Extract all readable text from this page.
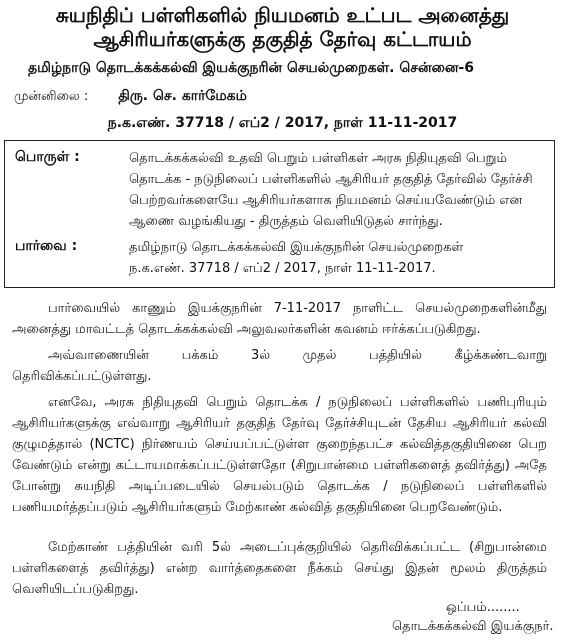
சுயநிதிப் பள்ளிகளில் நியமனம் உட்பட அனைத்து
ஆசிரியர்களுக்கு தகுதித் தேர்வு கட்டாயம்
தமிழ்நாடு தொடக்கக்கல்வி இயக்குநரின் செயல்முறைகள். சென்னை-6
முன்னிலை : திரு. செ. கார்மேகம்
ந.க.எண். 37718 / எப்2 / 2017, நாள் 11-11-2017
பொருள் :	தொடக்கக்கல்வி உதவி பெறும் பள்ளிகள் அரசு நிதியுதவி பெறும்
தொடக்க - நடுநிலைப் பள்ளிகளில் ஆசிரியர் தகுதித் தேர்வில் தேர்ச்சி
பெற்றவர்களையே ஆசிரியர்களாக நியமனம் செய்யவேண்டும் என
ஆணை வழங்கியது - திருத்தம் வெளியிடுதல் சார்ந்து.
பார்வை :	தமிழ்நாடு தொடக்கக்கல்வி இயக்குநரின் செயல்முறைகள்
ந.க.எண். 37718 / எப்2 / 2017, நாள் 11-11-2017.
பார்வையில் காணும் இயக்குநரின் 7-11-2017 நாளிட்ட செயல்முறைகளின்மீது அனைத்து மாவட்டத் தொடக்கக்கல்வி அலுவலர்களின் கவனம் ஈர்க்கப்படுகிறது.
அவ்வாணையின் பக்கம் 3ல் முதல் பத்தியில் கீழ்க்கண்டவாறு தெரிவிக்கப்பட்டுள்ளது.
எனவே, அரசு நிதியுதவி பெறும் தொடக்க / நடுநிலைப் பள்ளிகளில் பணிபுரியும் ஆசிரியர்களுக்கு எவ்வாறு ஆசிரியர் தகுதித் தேர்வு தேர்ச்சியுடன் தேசிய ஆசிரியர் கல்வி குழுமத்தால் (NCTC) நிர்ணயம் செய்யப்பட்டுள்ள குறைந்தபட்ச கல்வித்தகுதியினை பெற வேண்டும் என்று கட்டாயமாக்கப்பட்டுள்ளதோ (சிறுபான்மை பள்ளிகளைத் தவிர்த்து) அதே போன்று சுயநிதி அடிப்படையில் செயல்படும் தொடக்க / நடுநிலைப் பள்ளிகளில் பணியமர்த்தப்படும் ஆசிரியர்களும் மேற்காண் கல்வித் தகுதியினை பெறவேண்டும்.
மேற்காண் பத்தியின் வரி 5ல் அடைப்புக்குறியில் தெரிவிக்கப்பட்ட (சிறுபான்மை பள்ளிகளைத் தவிர்த்து) என்ற வார்த்தைகளை நீக்கம் செய்து இதன் மூலம் திருத்தம் வெளியிடப்படுகிறது.
ஒப்பம்........
தொடக்கக்கல்வி இயக்குநர்.
